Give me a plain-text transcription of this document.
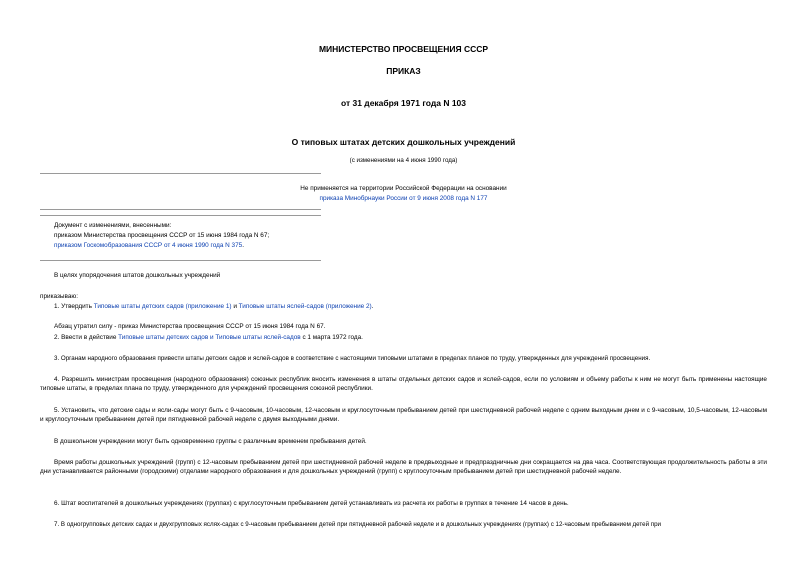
МИНИСТЕРСТВО ПРОСВЕЩЕНИЯ СССР
ПРИКАЗ
от 31 декабря 1971 года N 103
О типовых штатах детских дошкольных учреждений
(с изменениями на 4 июня 1990 года)
Не применяется на территории Российской Федерации на основании
приказа Минобрнауки России от 9 июня 2008 года N 177
Документ с изменениями, внесенными:
приказом Министерства просвещения СССР от 15 июня 1984 года N 67;
приказом Госкомобразования СССР от 4 июня 1990 года N 375.
В целях упорядочения штатов дошкольных учреждений
приказываю:
1. Утвердить Типовые штаты детских садов (приложение 1) и Типовые штаты яслей-садов (приложение 2).
Абзац утратил силу - приказ Министерства просвещения СССР от 15 июня 1984 года N 67.
2. Ввести в действие Типовые штаты детских садов и Типовые штаты яслей-садов с 1 марта 1972 года.
3. Органам народного образования привести штаты детских садов и яслей-садов в соответствие с настоящими типовыми штатами в пределах планов по труду, утвержденных для учреждений просвещения.
4. Разрешить министрам просвещения (народного образования) союзных республик вносить изменения в штаты отдельных детских садов и яслей-садов, если по условиям и объему работы к ним не могут быть применены настоящие типовые штаты, в пределах плана по труду, утвержденного для учреждений просвещения союзной республики.
5. Установить, что детские сады и ясли-сады могут быть с 9-часовым, 10-часовым, 12-часовым и круглосуточным пребыванием детей при шестидневной рабочей неделе с одним выходным днем и с 9-часовым, 10,5-часовым, 12-часовым и круглосуточным пребыванием детей при пятидневной рабочей неделе с двумя выходными днями.
В дошкольном учреждении могут быть одновременно группы с различным временем пребывания детей.
Время работы дошкольных учреждений (групп) с 12-часовым пребыванием детей при шестидневной рабочей неделе в предвыходные и предпраздничные дни сокращается на два часа. Соответствующая продолжительность работы в эти дни устанавливается районными (городскими) отделами народного образования и для дошкольных учреждений (групп) с круглосуточным пребыванием детей при шестидневной рабочей неделе.
6. Штат воспитателей в дошкольных учреждениях (группах) с круглосуточным пребыванием детей устанавливать из расчета их работы в группах в течение 14 часов в день.
7. В одногрупповых детских садах и двухгрупповых яслях-садах с 9-часовым пребыванием детей при пятидневной рабочей неделе и в дошкольных учреждениях (группах) с 12-часовым пребыванием детей при
